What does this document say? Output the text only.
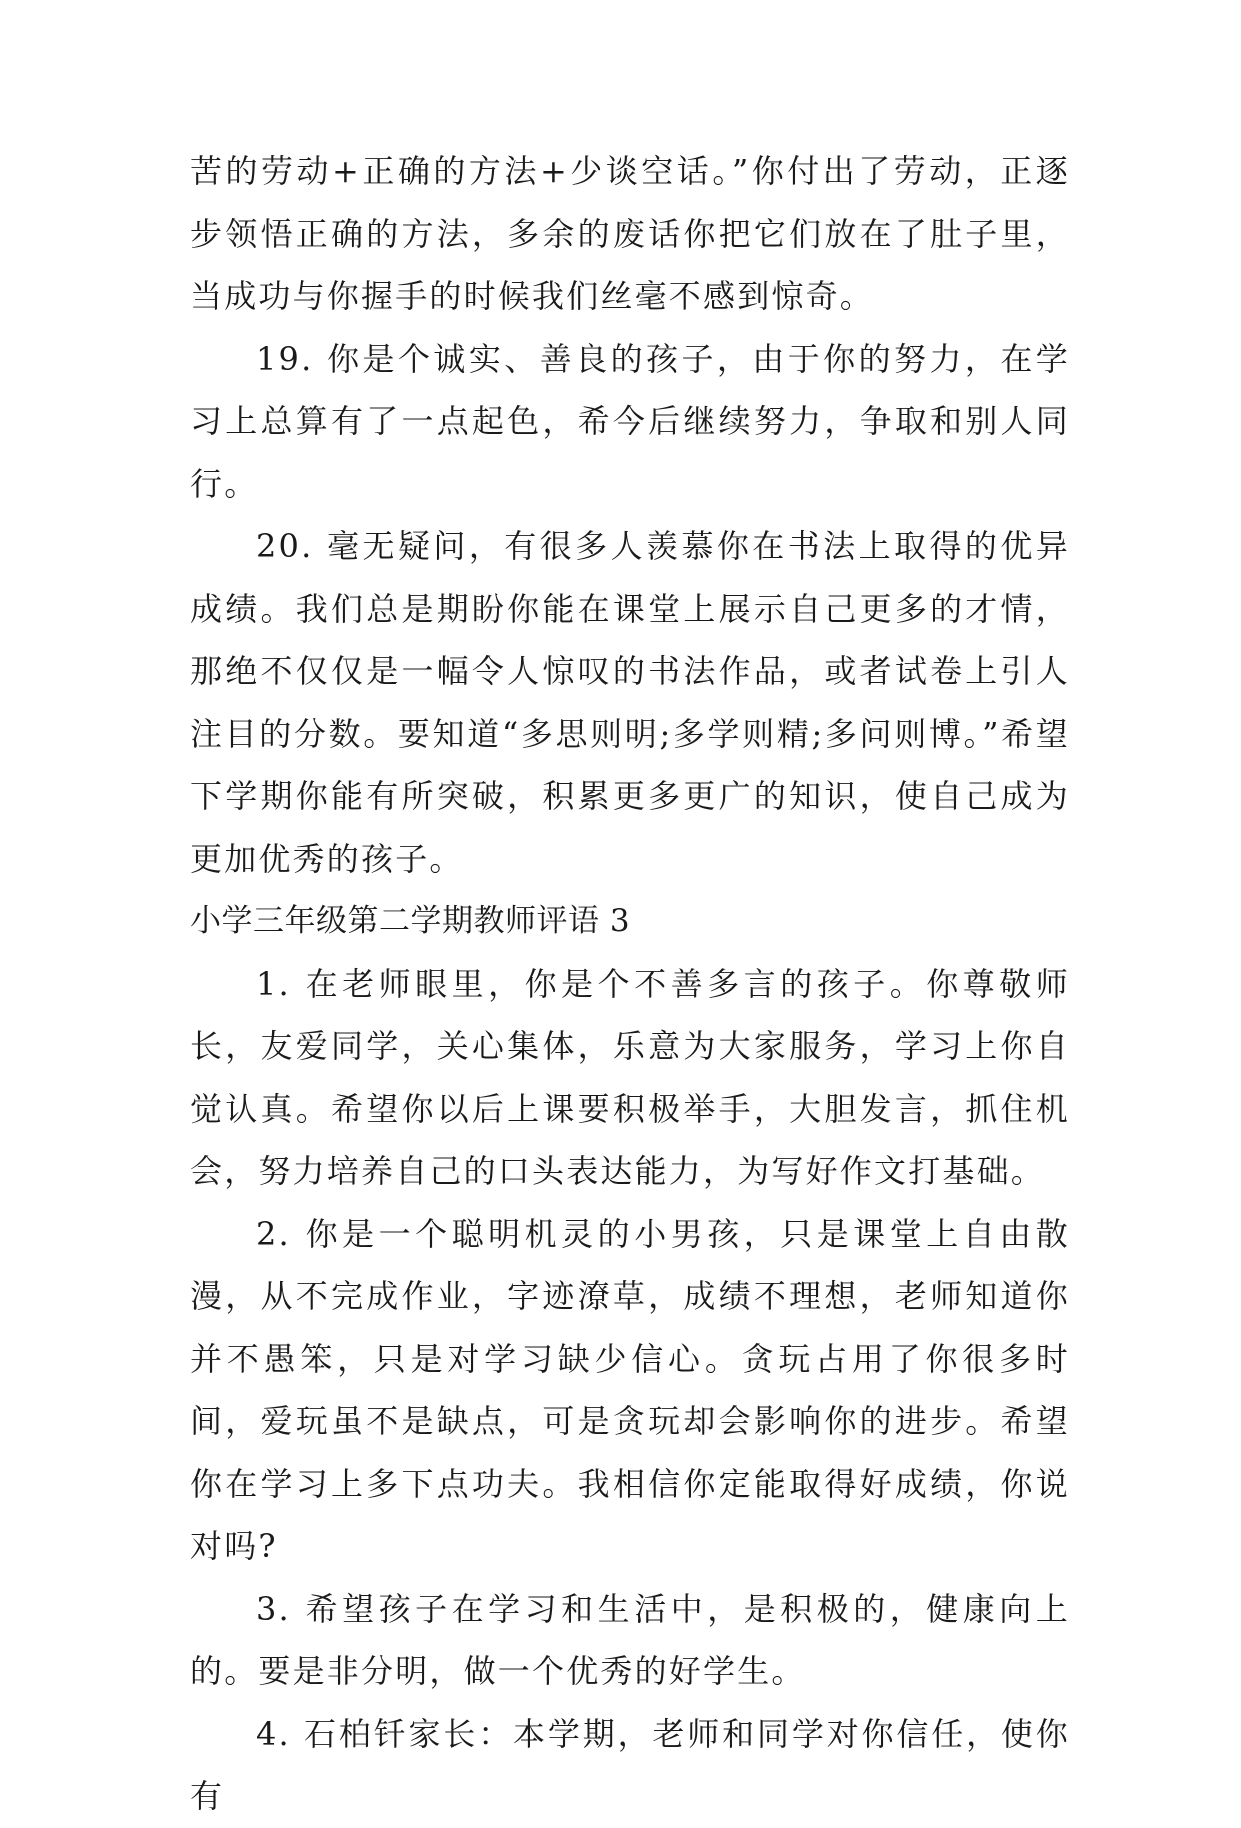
苦的劳动+正确的方法+少谈空话。”你付出了劳动，正逐步领悟正确的方法，多余的废话你把它们放在了肚子里，当成功与你握手的时候我们丝毫不感到惊奇。

19. 你是个诚实、善良的孩子，由于你的努力，在学习上总算有了一点起色，希今后继续努力，争取和别人同行。

20. 毫无疑问，有很多人羡慕你在书法上取得的优异成绩。我们总是期盼你能在课堂上展示自己更多的才情，那绝不仅仅是一幅令人惊叹的书法作品，或者试卷上引人注目的分数。要知道“多思则明;多学则精;多问则博。”希望下学期你能有所突破，积累更多更广的知识，使自己成为更加优秀的孩子。

小学三年级第二学期教师评语 3

1. 在老师眼里，你是个不善多言的孩子。你尊敬师长，友爱同学，关心集体，乐意为大家服务，学习上你自觉认真。希望你以后上课要积极举手，大胆发言，抓住机会，努力培养自己的口头表达能力，为写好作文打基础。

2. 你是一个聪明机灵的小男孩，只是课堂上自由散漫，从不完成作业，字迹潦草，成绩不理想，老师知道你并不愚笨，只是对学习缺少信心。贪玩占用了你很多时间，爱玩虽不是缺点，可是贪玩却会影响你的进步。希望你在学习上多下点功夫。我相信你定能取得好成绩，你说对吗?

3. 希望孩子在学习和生活中，是积极的，健康向上的。要是非分明，做一个优秀的好学生。

4. 石柏钎家长：本学期，老师和同学对你信任，使你有
